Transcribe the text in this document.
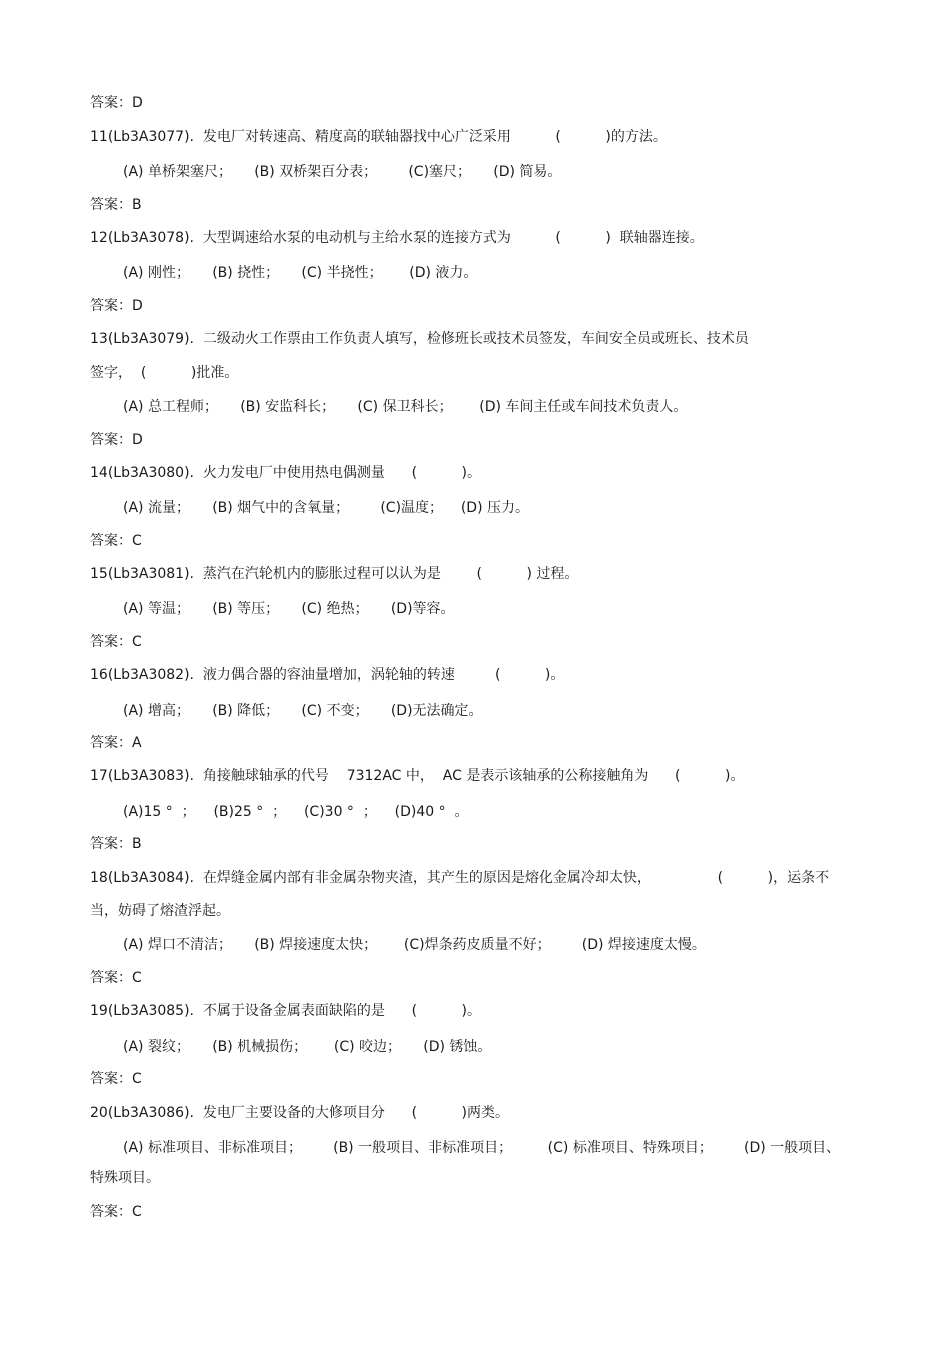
答案：D
11(Lb3A3077).  发电厂对转速高、精度高的联轴器找中心广泛采用          (          )的方法。
(A) 单桥架塞尺；     (B) 双桥架百分表；       (C)塞尺；     (D) 简易。
答案：B
12(Lb3A3078).  大型调速给水泵的电动机与主给水泵的连接方式为          (          )  联轴器连接。
(A) 刚性；     (B) 挠性；     (C) 半挠性；      (D) 液力。
答案：D
13(Lb3A3079).  二级动火工作票由工作负责人填写，检修班长或技术员签发，车间安全员或班长、技术员
签字，  (          )批准。
(A) 总工程师；     (B) 安监科长；     (C) 保卫科长；      (D) 车间主任或车间技术负责人。
答案：D
14(Lb3A3080).  火力发电厂中使用热电偶测量      (          )。
(A) 流量；     (B) 烟气中的含氧量；       (C)温度；    (D) 压力。
答案：C
15(Lb3A3081).  蒸汽在汽轮机内的膨胀过程可以认为是        (          ) 过程。
(A) 等温；     (B) 等压；     (C) 绝热；     (D)等容。
答案：C
16(Lb3A3082).  液力偶合器的容油量增加，涡轮轴的转速         (          )。
(A) 增高；     (B) 降低；     (C) 不变；     (D)无法确定。
答案：A
17(Lb3A3083).  角接触球轴承的代号    7312AC 中，  AC 是表示该轴承的公称接触角为      (          )。
(A)15 °  ；    (B)25 °  ；    (C)30 °  ；    (D)40 °  。
答案：B
18(Lb3A3084).  在焊缝金属内部有非金属杂物夹渣，其产生的原因是熔化金属冷却太快，               (          )，运条不
当，妨碍了熔渣浮起。
(A) 焊口不清洁；     (B) 焊接速度太快；      (C)焊条药皮质量不好；       (D) 焊接速度太慢。
答案：C
19(Lb3A3085).  不属于设备金属表面缺陷的是      (          )。
(A) 裂纹；     (B) 机械损伤；      (C) 咬边；     (D) 锈蚀。
答案：C
20(Lb3A3086).  发电厂主要设备的大修项目分      (          )两类。
(A) 标准项目、非标准项目；       (B) 一般项目、非标准项目；        (C) 标准项目、特殊项目；       (D) 一般项目、
特殊项目。
答案：C
